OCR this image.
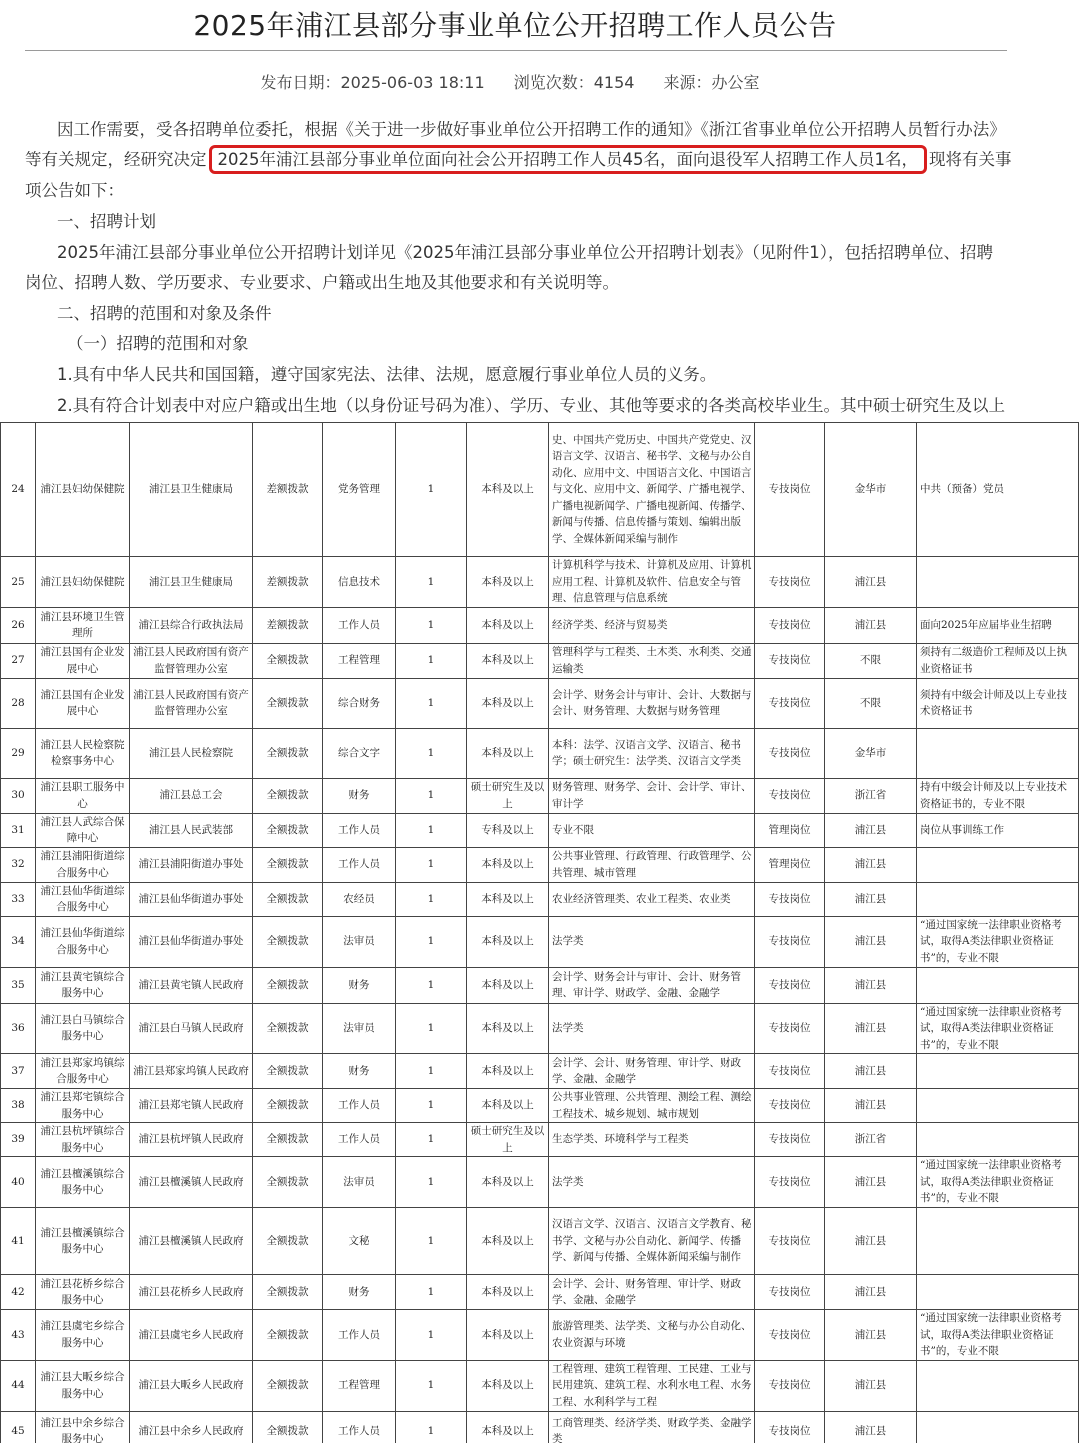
2025年浦江县部分事业单位公开招聘工作人员公告
发布日期：2025-06-03 18:11 浏览次数：4154 来源：办公室
因工作需要，受各招聘单位委托，根据《关于进一步做好事业单位公开招聘工作的通知》《浙江省事业单位公开招聘人员暂行办法》
等有关规定，经研究决定 2025年浦江县部分事业单位面向社会公开招聘工作人员45名，面向退役军人招聘工作人员1名， 现将有关事
项公告如下：
一、招聘计划
2025年浦江县部分事业单位公开招聘计划详见《2025年浦江县部分事业单位公开招聘计划表》（见附件1），包括招聘单位、招聘
岗位、招聘人数、学历要求、专业要求、户籍或出生地及其他要求和有关说明等。
二、招聘的范围和对象及条件
（一）招聘的范围和对象
1.具有中华人民共和国国籍，遵守国家宪法、法律、法规，愿意履行事业单位人员的义务。
2.具有符合计划表中对应户籍或出生地（以身份证号码为准）、学历、专业、其他等要求的各类高校毕业生。其中硕士研究生及以上
24	浦江县妇幼保健院	浦江县卫生健康局	差额拨款	党务管理	1	本科及以上	史、中国共产党历史、中国共产党党史、汉语言文学、汉语言、秘书学、文秘与办公自动化、应用中文、中国语言文化、中国语言与文化、应用中文、新闻学、广播电视学、广播电视新闻学、广播电视新闻、传播学、新闻与传播、信息传播与策划、编辑出版学、全媒体新闻采编与制作	专技岗位	金华市	中共（预备）党员
25	浦江县妇幼保健院	浦江县卫生健康局	差额拨款	信息技术	1	本科及以上	计算机科学与技术、计算机及应用、计算机应用工程、计算机及软件、信息安全与管理、信息管理与信息系统	专技岗位	浦江县	
26	浦江县环境卫生管理所	浦江县综合行政执法局	差额拨款	工作人员	1	本科及以上	经济学类、经济与贸易类	专技岗位	浦江县	面向2025年应届毕业生招聘
27	浦江县国有企业发展中心	浦江县人民政府国有资产监督管理办公室	全额拨款	工程管理	1	本科及以上	管理科学与工程类、土木类、水利类、交通运输类	专技岗位	不限	须持有二级造价工程师及以上执业资格证书
28	浦江县国有企业发展中心	浦江县人民政府国有资产监督管理办公室	全额拨款	综合财务	1	本科及以上	会计学、财务会计与审计、会计、大数据与会计、财务管理、大数据与财务管理	专技岗位	不限	须持有中级会计师及以上专业技术资格证书
29	浦江县人民检察院检察事务中心	浦江县人民检察院	全额拨款	综合文字	1	本科及以上	本科：法学、汉语言文学、汉语言、秘书学；硕士研究生：法学类、汉语言文学类	专技岗位	金华市	
30	浦江县职工服务中心	浦江县总工会	全额拨款	财务	1	硕士研究生及以上	财务管理、财务学、会计、会计学、审计、审计学	专技岗位	浙江省	持有中级会计师及以上专业技术资格证书的，专业不限
31	浦江县人武综合保障中心	浦江县人民武装部	全额拨款	工作人员	1	专科及以上	专业不限	管理岗位	浦江县	岗位从事训练工作
32	浦江县浦阳街道综合服务中心	浦江县浦阳街道办事处	全额拨款	工作人员	1	本科及以上	公共事业管理、行政管理、行政管理学、公共管理、城市管理	管理岗位	浦江县	
33	浦江县仙华街道综合服务中心	浦江县仙华街道办事处	全额拨款	农经员	1	本科及以上	农业经济管理类、农业工程类、农业类	专技岗位	浦江县	
34	浦江县仙华街道综合服务中心	浦江县仙华街道办事处	全额拨款	法审员	1	本科及以上	法学类	专技岗位	浦江县	“通过国家统一法律职业资格考试，取得A类法律职业资格证书”的，专业不限
35	浦江县黄宅镇综合服务中心	浦江县黄宅镇人民政府	全额拨款	财务	1	本科及以上	会计学、财务会计与审计、会计、财务管理、审计学、财政学、金融、金融学	专技岗位	浦江县	
36	浦江县白马镇综合服务中心	浦江县白马镇人民政府	全额拨款	法审员	1	本科及以上	法学类	专技岗位	浦江县	“通过国家统一法律职业资格考试，取得A类法律职业资格证书”的，专业不限
37	浦江县郑家坞镇综合服务中心	浦江县郑家坞镇人民政府	全额拨款	财务	1	本科及以上	会计学、会计、财务管理、审计学、财政学、金融、金融学	专技岗位	浦江县	
38	浦江县郑宅镇综合服务中心	浦江县郑宅镇人民政府	全额拨款	工作人员	1	本科及以上	公共事业管理、公共管理、测绘工程、测绘工程技术、城乡规划、城市规划	专技岗位	浦江县	
39	浦江县杭坪镇综合服务中心	浦江县杭坪镇人民政府	全额拨款	工作人员	1	硕士研究生及以上	生态学类、环境科学与工程类	专技岗位	浙江省	
40	浦江县檀溪镇综合服务中心	浦江县檀溪镇人民政府	全额拨款	法审员	1	本科及以上	法学类	专技岗位	浦江县	“通过国家统一法律职业资格考试，取得A类法律职业资格证书”的，专业不限
41	浦江县檀溪镇综合服务中心	浦江县檀溪镇人民政府	全额拨款	文秘	1	本科及以上	汉语言文学、汉语言、汉语言文学教育、秘书学、文秘与办公自动化、新闻学、传播学、新闻与传播、全媒体新闻采编与制作	专技岗位	浦江县	
42	浦江县花桥乡综合服务中心	浦江县花桥乡人民政府	全额拨款	财务	1	本科及以上	会计学、会计、财务管理、审计学、财政学、金融、金融学	专技岗位	浦江县	
43	浦江县虞宅乡综合服务中心	浦江县虞宅乡人民政府	全额拨款	工作人员	1	本科及以上	旅游管理类、法学类、文秘与办公自动化、农业资源与环境	专技岗位	浦江县	“通过国家统一法律职业资格考试，取得A类法律职业资格证书”的，专业不限
44	浦江县大畈乡综合服务中心	浦江县大畈乡人民政府	全额拨款	工程管理	1	本科及以上	工程管理、建筑工程管理、工民建、工业与民用建筑、建筑工程、水利水电工程、水务工程、水利科学与工程	专技岗位	浦江县	
45	浦江县中余乡综合服务中心	浦江县中余乡人民政府	全额拨款	工作人员	1	本科及以上	工商管理类、经济学类、财政学类、金融学类	专技岗位	浦江县	
